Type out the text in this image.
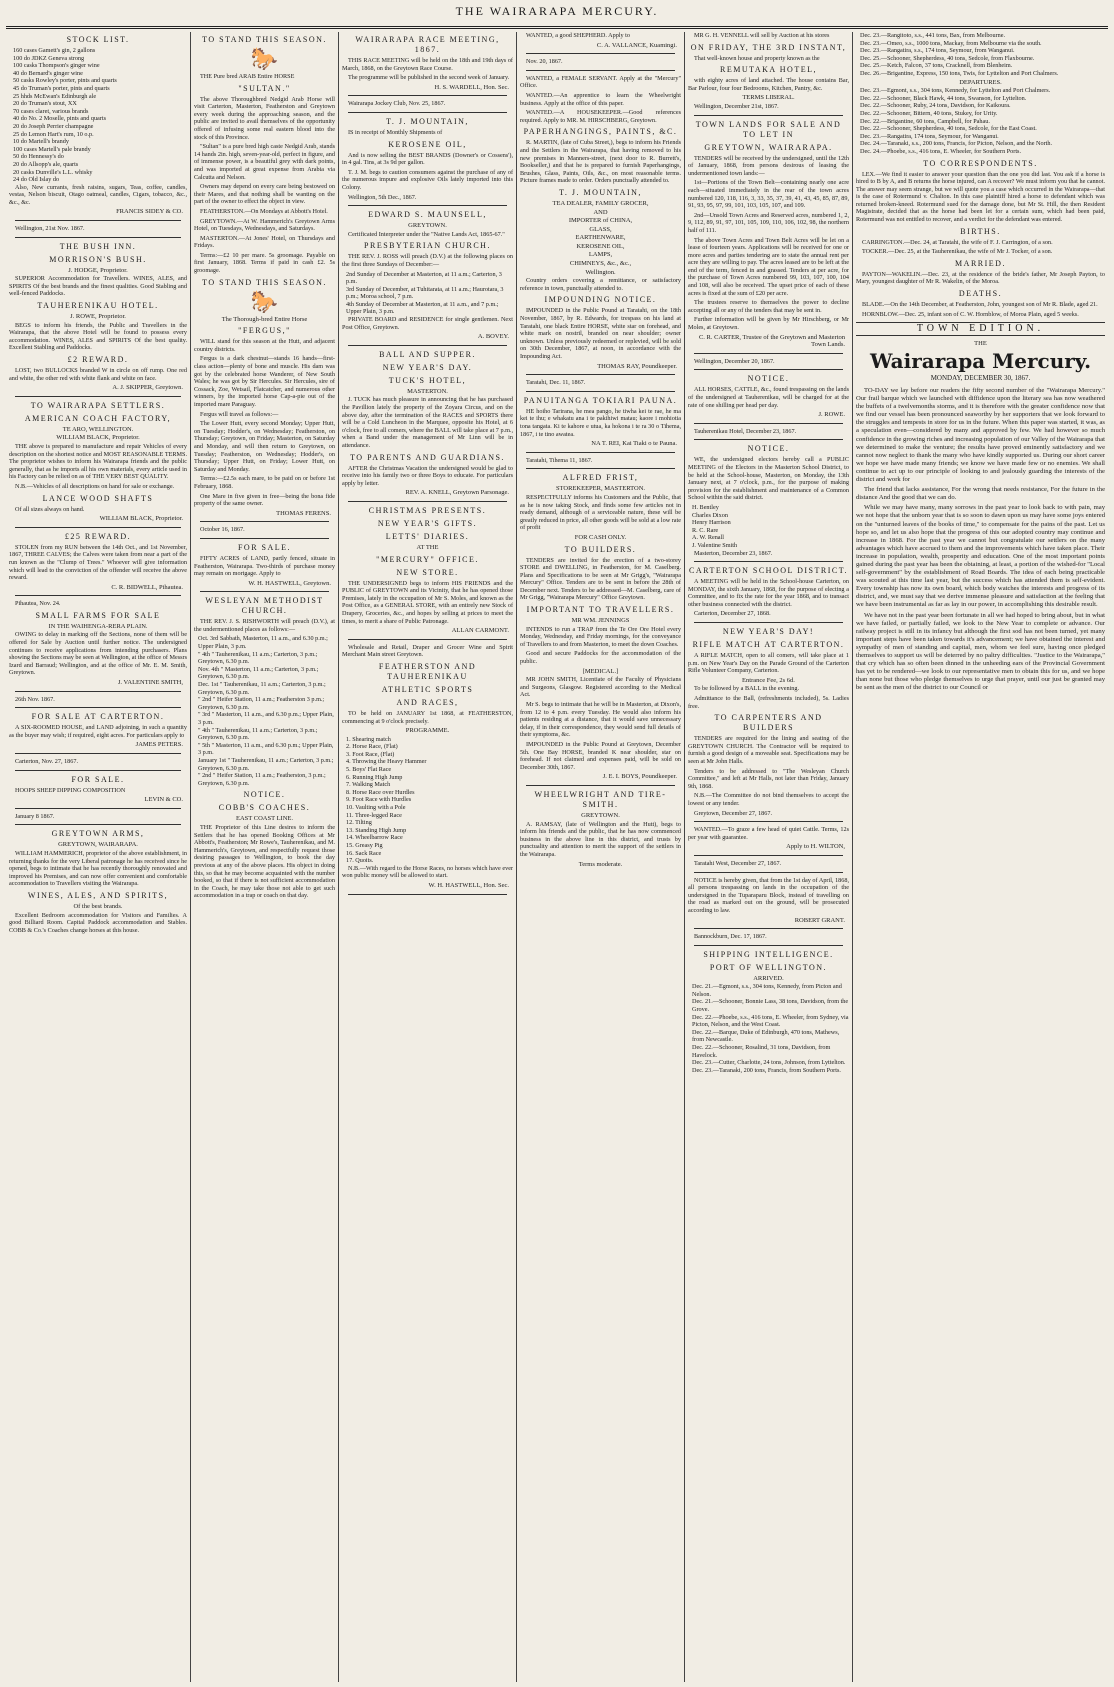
THE WAIRARAPA MERCURY.
STOCK LIST.
160 cases Gamett's gin, 2 gallons
100 do JDKZ Geneva strong
100 casks Thompson's ginger wine
40 do Bernard's ginger wine
50 casks Rowley's porter, pints and quarts
45 do Truman's porter, pints and quarts
25 hhds McEwan's Edinburgh ale
20 do Truman's stout, XX
70 cases claret, various brands
40 do No. 2 Moselle, pints and quarts
20 do Joseph Perrier champagne
25 do Lemon Hart's rum, 10 o.p.
10 do Martell's brandy
100 cases Martell's pale brandy
50 do Hennessy's do
20 do Allsopp's ale, quarts
20 casks Dunville's L.L. whisky
24 do Old Islay do
Also, New currants, fresh raisins, sugars, Teas, coffee, candles, vestas, Nelson biscuit, Otago oatmeal, candles, Cigars, tobacco, &c., &c., &c.
FRANCIS SIDEY & CO.
Wellington, 21st Nov. 1867.
THE BUSH INN.
MORRISON'S BUSH.
J. HODGE, Proprietor.
SUPERIOR Accommodation for Travellers. WINES, ALES, and SPIRITS Of the best brands and the finest qualities. Good Stabling and well-fenced Paddocks.
TAUHERENIKAU HOTEL.
J. ROWE, Proprietor.
BEGS to inform his friends, the Public and Travellers in the Wairarapa, that the above Hotel will be found to possess every accommodation. WINES, ALES and SPIRITS Of the best quality. Excellent Stabling and Paddocks.
£2 REWARD.
LOST, two BULLOCKS branded W in circle on off rump. One red and white, the other red with white flank and white on face.
A. J. SKIPPER, Greytown.
TO WAIRARAPA SETTLERS.
AMERICAN COACH FACTORY,
TE ARO, WELLINGTON.
WILLIAM BLACK, Proprietor.
THE above is prepared to manufacture and repair Vehicles of every description on the shortest notice and MOST REASONABLE TERMS. The proprietor wishes to inform his Wairarapa friends and the public generally, that as he imports all his own materials, every article used in his Factory can be relied on as of THE VERY BEST QUALITY.
N.B.—Vehicles of all descriptions on hand for sale or exchange.
LANCE WOOD SHAFTS
Of all sizes always on hand.
WILLIAM BLACK, Proprietor.
£25 REWARD.
STOLEN from my RUN between the 14th Oct., and 1st November, 1867, THREE CALVES; the Calves were taken from near a part of the run known as the "Clump of Trees." Whoever will give information which will lead to the conviction of the offender will receive the above reward.
C. R. BIDWELL, Pihautea.
Pihautea, Nov. 24.
SMALL FARMS FOR SALE
IN THE WAIHENGA-RERA PLAIN.
OWING to delay in marking off the Sections, none of them will be offered for Sale by Auction until further notice. The undersigned continues to receive applications from intending purchasers. Plans showing the Sections may be seen at Wellington, at the office of Messrs Izard and Barraud; Wellington, and at the office of Mr. E. M. Smith, Greytown.
J. VALENTINE SMITH,
26th Nov. 1867.
FOR SALE AT CARTERTON.
A SIX-ROOMED HOUSE, and LAND adjoining, in such a quantity as the buyer may wish; if required, eight acres. For particulars apply to
JAMES PETERS.
Carterton, Nov. 27, 1867.
FOR SALE.
HOOPS SHEEP DIPPING COMPOSITION
LEVIN & CO.
January 8 1867.
GREYTOWN ARMS,
GREYTOWN, WAIRARAPA.
WILLIAM HAMMERICH, proprietor of the above establishment, in returning thanks for the very Liberal patronage he has received since he opened, begs to intimate that he has recently thoroughly renovated and improved his Premises, and can now offer convenient and comfortable accommodation to Travellers visiting the Wairarapa.
WINES, ALES, AND SPIRITS,
Of the best brands.
Excellent Bedroom accommodation for Visitors and Families. A good Billiard Room. Capital Paddock accommodation and Stables. COBB & Co.'s Coaches change horses at this house.
TO STAND THIS SEASON.
🐎
THE Pure bred ARAB Entire HORSE
"SULTAN."
The above Thoroughbred Nedgid Arab Horse will visit Carterton, Masterton, Featherston and Greytown every week during the approaching season, and the public are invited to avail themselves of the opportunity offered of infusing some real eastern blood into the stock of this Province.
"Sultan" is a pure bred high caste Nedgid Arab, stands 14 hands 2in. high, seven-year-old, perfect in figure, and of immense power, is a beautiful grey with dark points, and was imported at great expense from Arabia via Calcutta and Nelson.
Owners may depend on every care being bestowed on their Mares, and that nothing shall be wanting on the part of the owner to effect the object in view.
FEATHERSTON.—On Mondays at Abbott's Hotel.
GREYTOWN.—At W. Hammerich's Greytown Arms Hotel, on Tuesdays, Wednesdays, and Saturdays.
MASTERTON.—At Jones' Hotel, on Thursdays and Fridays.
Terms:—£2 10 per mare. 5s groomage. Payable on first January, 1868. Terms if paid in cash £2. 5s groomage.
TO STAND THIS SEASON.
🐎
The Thorough-bred Entire Horse
"FERGUS,"
WILL stand for this season at the Hutt, and adjacent country districts.
Fergus is a dark chestnut—stands 16 hands—first-class action—plenty of bone and muscle. His dam was got by the celebrated horse Wanderer, of New South Wales; he was got by Sir Hercules. Sir Hercules, sire of Cossack, Zoe, Wetsail, Flatcatcher, and numerous other winners, by the imported horse Cap-a-pie out of the imported mare Paraguay.
Fergus will travel as follows:—
The Lower Hutt, every second Monday; Upper Hutt, on Tuesday; Hodder's, on Wednesday; Featherston, on Thursday; Greytown, on Friday; Masterton, on Saturday and Monday, and will then return to Greytown, on Tuesday; Featherston, on Wednesday; Hodder's, on Thursday; Upper Hutt, on Friday; Lower Hutt, on Saturday and Monday.
Terms:—£2.5s each mare, to be paid on or before 1st February, 1868.
One Mare in five given in free—being the bona fide property of the same owner.
THOMAS FERENS.
October 16, 1867.
FOR SALE.
FIFTY ACRES of LAND, partly fenced, situate in Featherston, Wairarapa. Two-thirds of purchase money may remain on mortgage. Apply to
W. H. HASTWELL, Greytown.
WESLEYAN METHODIST CHURCH.
THE REV. J. S. RISHWORTH will preach (D.V.), at the undermentioned places as follows:—
Oct. 3rd Sabbath, Masterton, 11 a.m., and 6.30 p.m.; Upper Plain, 3 p.m.
" 4th " Tauherenikau, 11 a.m.; Carterton, 3 p.m.; Greytown, 6.30 p.m.
Nov. 4th " Masterton, 11 a.m.; Carterton, 3 p.m.; Greytown, 6.30 p.m.
Dec. 1st " Tauherenikau, 11 a.m.; Carterton, 3 p.m.; Greytown, 6.30 p.m.
" 2nd " Heifer Station, 11 a.m.; Featherston 3 p.m.; Greytown, 6.30 p.m.
" 3rd " Masterton, 11 a.m., and 6.30 p.m.; Upper Plain, 3 p.m.
" 4th " Tauherenikau, 11 a.m.; Carterton, 3 p.m.; Greytown, 6.30 p.m.
" 5th " Masterton, 11 a.m., and 6.30 p.m.; Upper Plain, 3 p.m.
January 1st " Tauherenikau, 11 a.m.; Carterton, 3 p.m.; Greytown, 6.30 p.m.
" 2nd " Heifer Station, 11 a.m.; Featherston, 3 p.m.; Greytown, 6.30 p.m.
NOTICE.
COBB'S COACHES.
EAST COAST LINE.
THE Proprietor of this Line desires to inform the Settlers that he has opened Booking Offices at Mr Abbott's, Featherston; Mr Rowe's, Tauherenikau, and M. Hammerich's, Greytown, and respectfully request those desiring passages to Wellington, to book the day previous at any of the above places. His object in doing this, so that he may become acquainted with the number booked, so that if there is not sufficient accommodation in the Coach, he may take those not able to get such accommodation in a trap or coach on that day.
WAIRARAPA RACE MEETING, 1867.
THIS RACE MEETING will be held on the 18th and 19th days of March, 1868, on the Greytown Race Course.
The programme will be published in the second week of January.
H. S. WARDELL, Hon. Sec.
Wairarapa Jockey Club, Nov. 25, 1867.
T. J. MOUNTAIN,
IS in receipt of Monthly Shipments of
KEROSENE OIL,
And is now selling the BEST BRANDS (Downer's or Cossens'), in 4 gal. Tins, at 3s 9d per gallon.
T. J. M. begs to caution consumers against the purchase of any of the numerous impure and explosive Oils lately imported into this Colony.
Wellington, 5th Dec., 1867.
EDWARD S. MAUNSELL,
GREYTOWN.
Certificated Interpreter under the "Native Lands Act, 1865-67."
PRESBYTERIAN CHURCH.
THE REV. J. ROSS will preach (D.V.) at the following places on the first three Sundays of December:—
2nd Sunday of December at Masterton, at 11 a.m.; Carterton, 3 p.m.
3rd Sunday of December, at Tuhitarata, at 11 a.m.; Haurotara, 3 p.m.; Moroa school, 7 p.m.
4th Sunday of December at Masterton, at 11 a.m., and 7 p.m.; Upper Plain, 3 p.m.
PRIVATE BOARD and RESIDENCE for single gentlemen. Next Post Office, Greytown.
A. BOVEY.
BALL AND SUPPER.
NEW YEAR'S DAY.
TUCK'S HOTEL,
MASTERTON.
J. TUCK has much pleasure in announcing that he has purchased the Pavillion lately the property of the Zoyara Circus, and on the above day, after the termination of the RACES and SPORTS there will be a Cold Luncheon in the Marquee, opposite his Hotel, at 6 o'clock, free to all comers, where the BALL will take place at 7 p.m., when a Band under the management of Mr Linn will be in attendance.
TO PARENTS AND GUARDIANS.
AFTER the Christmas Vacation the undersigned would be glad to receive into his family two or three Boys to educate. For particulars apply by letter.
REV. A. KNELL, Greytown Parsonage.
CHRISTMAS PRESENTS.
NEW YEAR'S GIFTS.
LETTS' DIARIES.
AT THE
"MERCURY" OFFICE.
NEW STORE.
THE UNDERSIGNED begs to inform HIS FRIENDS and the PUBLIC of GREYTOWN and its Vicinity, that he has opened those Premises, lately in the occupation of Mr S. Moles, and known as the Post Office, as a GENERAL STORE, with an entirely new Stock of Drapery, Groceries, &c., and hopes by selling at prices to meet the times, to merit a share of Public Patronage.
ALLAN CARMONT.
Wholesale and Retail, Draper and Grocer Wine and Spirit Merchant Main street Greytown.
FEATHERSTON AND TAUHERENIKAU
ATHLETIC SPORTS
AND RACES,
TO be held on JANUARY 1st 1868, at FEATHERSTON, commencing at 9 o'clock precisely.
PROGRAMME.
1. Shearing match
2. Horse Race, (Flat)
3. Foot Race, (Flat)
4. Throwing the Heavy Hammer
5. Boys' Flat Race
6. Running High Jump
7. Walking Match
8. Horse Race over Hurdles
9. Foot Race with Hurdles
10. Vaulting with a Pole
11. Three-legged Race
12. Tilting
13. Standing High Jump
14. Wheelbarrow Race
15. Greasy Pig
16. Sack Race
17. Quoits.
N.B.—With regard to the Horse Races, no horses which have ever won public money will be allowed to start.
W. H. HASTWELL, Hon. Sec.
WANTED, a good SHEPHERD. Apply to
C. A. VALLANCE, Kuamingi.
Nov. 20, 1867.
WANTED, a FEMALE SERVANT. Apply at the "Mercury" Office.
WANTED.—An apprentice to learn the Wheelwright business. Apply at the office of this paper.
WANTED.—A HOUSEKEEPER.—Good references required. Apply to MR. M. HIRSCHBERG, Greytown.
PAPERHANGINGS, PAINTS, &C.
R. MARTIN, (late of Cuba Street,), begs to inform his Friends and the Settlers in the Wairarapa, that having removed to his new premises in Manners-street, (next door to R. Burrett's, Bookseller,) and that he is prepared to furnish Paperhangings, Brushes, Glass, Paints, Oils, &c., on most reasonable terms. Picture frames made to order. Orders punctually attended to.
T. J. MOUNTAIN,
TEA DEALER, FAMILY GROCER,
AND
IMPORTER of CHINA,
GLASS,
EARTHENWARE,
KEROSENE OIL,
LAMPS,
CHIMNEYS, &c., &c.,
Wellington.
Country orders covering a remittance, or satisfactory reference in town, punctually attended to.
IMPOUNDING NOTICE.
IMPOUNDED in the Public Pound at Taratahi, on the 18th November, 1867, by R. Edwards, for trespass on his land at Taratahi, one black Entire HORSE, white star on forehead, and white mark on nostril, branded on near shoulder; owner unknown. Unless previously redeemed or replevied, will be sold on 30th December, 1867, at noon, in accordance with the Impounding Act.
THOMAS RAY, Poundkeeper.
Taratahi, Dec. 11, 1867.
PANUITANGA TOKIARI PAUNA.
HE hoiho Tarirana, he mea pango, he tiwha kei te rae, he ma kei te ihu; e whakatu ana i te pakihiwi matau; kaore i mohiotia tona tangata. Ki te kahore e utua, ka hokona i te ra 30 o Tihema, 1867, i te tino awatea.
NA T. REI, Kai Tiaki o te Pauna.
Taratahi, Tihema 11, 1867.
ALFRED FRIST,
STOREKEEPER, MASTERTON.
RESPECTFULLY informs his Customers and the Public, that as he is now taking Stock, and finds some few articles not in ready demand, although of a serviceable nature, these will be greatly reduced in price, all other goods will be sold at a low rate of profit
FOR CASH ONLY.
TO BUILDERS.
TENDERS are invited for the erection of a two-storey STORE and DWELLING, in Featherston, for M. Caselberg. Plans and Specifications to be seen at Mr Grigg's, "Wairarapa Mercury" Office. Tenders are to be sent in before the 28th of December next. Tenders to be addressed—M. Caselberg, care of Mr Grigg, "Wairarapa Mercury" Office Greytown.
IMPORTANT TO TRAVELLERS.
MR WM. JENNINGS
INTENDS to run a TRAP from the Te Ore Ore Hotel every Monday, Wednesday, and Friday mornings, for the conveyance of Travellers to and from Masterton, to meet the down Coaches.
Good and secure Paddocks for the accommodation of the public.
[MEDICAL.]
MR JOHN SMITH, Licentiate of the Faculty of Physicians and Surgeons, Glasgow. Registered according to the Medical Act.
Mr S. begs to intimate that he will be in Masterton, at Dixon's, from 12 to 4 p.m. every Tuesday. He would also inform his patients residing at a distance, that it would save unnecessary delay, if in their correspondence, they would send full details of their symptoms, &c.
IMPOUNDED in the Public Pound at Greytown, December 5th. One Bay HORSE, branded K near shoulder, star on forehead. If not claimed and expenses paid, will be sold on December 30th, 1867.
J. E. I. BOYS, Poundkeeper.
WHEELWRIGHT AND TIRE-SMITH.
GREYTOWN.
A. RAMSAY, (late of Wellington and the Hutt), begs to inform his friends and the public, that he has now commenced business in the above line in this district, and trusts by punctuality and attention to merit the support of the settlers in the Wairarapa.
Terms moderate.
MR G. H. VENNELL will sell by Auction at his stores
ON FRIDAY, THE 3RD INSTANT,
That well-known house and property known as the
REMUTAKA HOTEL,
with eighty acres of land attached. The house contains Bar, Bar Parlour, four four Bedrooms, Kitchen, Pantry, &c.
TERMS LIBERAL.
Wellington, December 21st, 1867.
TOWN LANDS FOR SALE AND TO LET IN
GREYTOWN, WAIRARAPA.
TENDERS will be received by the undersigned, until the 12th of January, 1868, from persons desirous of leasing the undermentioned town lands:—
1st—Portions of the Town Belt—containing nearly one acre each—situated immediately in the rear of the town acres numbered 120, 118, 116, 3, 33, 35, 37, 39, 41, 43, 45, 85, 87, 89, 91, 93, 95, 97, 99, 101, 103, 105, 107, and 109.
2nd—Unsold Town Acres and Reserved acres, numbered 1, 2, 9, 112, 89, 91, 97, 101, 105, 109, 110, 106, 102, 98, the northern half of 111.
The above Town Acres and Town Belt Acres will be let on a lease of fourteen years. Applications will be received for one or more acres and parties tendering are to state the annual rent per acre they are willing to pay. The acres leased are to be left at the end of the term, fenced in and grassed. Tenders at per acre, for the purchase of Town Acres numbered 99, 103, 107, 100, 104 and 108, will also be received. The upset price of each of these acres is fixed at the sum of £20 per acre.
The trustees reserve to themselves the power to decline accepting all or any of the tenders that may be sent in.
Further information will be given by Mr Hirschberg, or Mr Moles, at Greytown.
C. R. CARTER, Trustee of the Greytown and Masterton Town Lands.
Wellington, December 20, 1867.
NOTICE.
ALL HORSES, CATTLE, &c., found trespassing on the lands of the undersigned at Tauherenikau, will be charged for at the rate of one shilling per head per day.
J. ROWE.
Tauherenikau Hotel, December 23, 1867.
NOTICE.
WE, the undersigned electors hereby call a PUBLIC MEETING of the Electors in the Masterton School District, to be held at the School-house, Masterton, on Monday, the 13th January next, at 7 o'clock, p.m., for the purpose of making provision for the establishment and maintenance of a Common School within the said district.
H. Bentley
Charles Dixon
Henry Harrison
R. C. Rare
A. W. Renall
J. Valentine Smith
Masterton, December 23, 1867.
CARTERTON SCHOOL DISTRICT.
A MEETING will be held in the School-house Carterton, on MONDAY, the sixth January, 1868, for the purpose of electing a Committee, and to fix the rate for the year 1868, and to transact other business connected with the district.
Carterton, December 27, 1868.
NEW YEAR'S DAY!
RIFLE MATCH AT CARTERTON.
A RIFLE MATCH, open to all comers, will take place at 1 p.m. on New Year's Day on the Parade Ground of the Carterton Rifle Volunteer Company, Carterton.
Entrance Fee, 2s 6d.
To be followed by a BALL in the evening.
Admittance to the Ball, (refreshments included), 5s. Ladies free.
TO CARPENTERS AND BUILDERS
TENDERS are required for the lining and seating of the GREYTOWN CHURCH. The Contractor will be required to furnish a good design of a moveable seat. Specifications may be seen at Mr John Halls.
Tenders to be addressed to "The Wesleyan Church Committee," and left at Mr Halls, not later than Friday, January 9th, 1868.
N.B.—The Committee do not bind themselves to accept the lowest or any tender.
Greytown, December 27, 1867.
WANTED.—To graze a few head of quiet Cattle. Terms, 12s per year with guarantee.
Apply to H. WILTON,
Taratahi West, December 27, 1867.
NOTICE is hereby given, that from the 1st day of April, 1868, all persons trespassing on lands in the occupation of the undersigned in the Tuparaparu Block, instead of travelling on the road as marked out on the ground, will be prosecuted according to law.
ROBERT GRANT.
Bannockburn, Dec. 17, 1867.
SHIPPING INTELLIGENCE.
PORT OF WELLINGTON.
ARRIVED.
Dec. 21.—Egmont, s.s., 304 tons, Kennedy, from Picton and Nelson.
Dec. 21.—Schooner, Bonnie Lass, 38 tons, Davidson, from the Grove.
Dec. 22.—Phoebe, s.s., 416 tons, E. Wheeler, from Sydney, via Picton, Nelson, and the West Coast.
Dec. 22.—Barque, Duke of Edinburgh, 470 tons, Mathews, from Newcastle.
Dec. 22.—Schooner, Rosalind, 31 tons, Davidson, from Havelock.
Dec. 23.—Cutter, Charlotte, 24 tons, Johnson, from Lyttelton.
Dec. 23.—Taranaki, 200 tons, Francis, from Southern Ports.
Dec. 23.—Rangitoto, s.s., 441 tons, Bax, from Melbourne.
Dec. 23.—Omeo, s.s., 1000 tons, Mackay, from Melbourne via the south.
Dec. 23.—Rangatira, s.s., 174 tons, Seymour, from Wanganui.
Dec. 25.—Schooner, Shepherdess, 40 tons, Sedcole, from Flaxbourne.
Dec. 25.—Ketch, Falcon, 37 tons, Cracknell, from Blenheim.
Dec. 26.—Brigantine, Express, 150 tons, Twis, for Lyttelton and Port Chalmers.
DEPARTURES.
Dec. 23.—Egmont, s.s., 304 tons, Kennedy, for Lyttelton and Port Chalmers.
Dec. 22.—Schooner, Black Hawk, 44 tons, Swanson, for Lyttelton.
Dec. 22.—Schooner, Ruby, 24 tons, Davidson, for Kaikoura.
Dec. 22.—Schooner, Bittern, 40 tons, Stukey, for Urity.
Dec. 22.—Brigantine, 60 tons, Campbell, for Pahau.
Dec. 22.—Schooner, Shepherdess, 40 tons, Sedcole, for the East Coast.
Dec. 23.—Rangatira, 174 tons, Seymour, for Wanganui.
Dec. 24.—Taranaki, s.s., 200 tons, Francis, for Picton, Nelson, and the North.
Dec. 24.—Phoebe, s.s., 416 tons, E. Wheeler, for Southern Ports.
TO CORRESPONDENTS.
LEX.—We find it easier to answer your question than the one you did last. You ask if a horse is hired to B by A, and B returns the horse injured, can A recover? We must inform you that he cannot. The answer may seem strange, but we will quote you a case which occurred in the Wairarapa—that is the case of Rotermund v. Chalton. In this case plaintiff hired a horse to defendant which was returned broken-kneed. Rotermund sued for the damage done, but Mr St. Hill, the then Resident Magistrate, decided that as the horse had been let for a certain sum, which had been paid, Rotermund was not entitled to recover, and a verdict for the defendant was entered.
BIRTHS.
CARRINGTON.—Dec. 24, at Taratahi, the wife of F. J. Carrington, of a son.
TOCKER.—Dec. 25, at the Tauherenikau, the wife of Mr J. Tocker, of a son.
MARRIED.
PAYTON—WAKELIN.—Dec. 23, at the residence of the bride's father, Mr Joseph Payton, to Mary, youngest daughter of Mr R. Wakelin, of the Moroa.
DEATHS.
BLADE.—On the 14th December, at Featherston, John, youngest son of Mr R. Blade, aged 21.
HORNBLOW.—Dec. 25, infant son of C. W. Hornblow, of Moroa Plain, aged 5 weeks.
TOWN EDITION.
THE
Wairarapa Mercury.
MONDAY, DECEMBER 30, 1867.
TO-DAY we lay before our readers the fifty second number of the "Wairarapa Mercury." Our frail barque which we launched with diffidence upon the literary sea has now weathered the buffets of a twelvemonths storms, and it is therefore with the greater confidence now that we find our vessel has been pronounced seaworthy by her supporters that we look forward to the struggles and tempests in store for us in the future. When this paper was started, it was, as a speculation even—considered by many and approved by few. We had however so much confidence in the growing riches and increasing population of our Valley of the Wairarapa that we determined to make the venture; the results have proved eminently satisfactory and we cannot now neglect to thank the many who have kindly supported us. During our short career we hope we have made many friends; we know we have made few or no enemies. We shall continue to act up to our principle of looking to and jealously guarding the interests of the district and work for
The friend that lacks assistance, For the wrong that needs resistance, For the future in the distance And the good that we can do.
While we may have many, many sorrows in the past year to look back to with pain, may we not hope that the unborn year that is so soon to dawn upon us may have some joys entered on the "unturned leaves of the books of time," to compensate for the pains of the past. Let us hope so, and let us also hope that the progress of this our adopted country may continue and increase in 1868. For the past year we cannot but congratulate our settlers on the many advantages which have accrued to them and the improvements which have taken place. Their increase in population, wealth, prosperity and education. One of the most important points gained during the past year has been the obtaining, at least, a portion of the wished-for "Local self-government" by the establishment of Road Boards. The idea of each being practicable was scouted at this time last year, but the success which has attended them is self-evident. Every township has now its own board, which body watches the interests and progress of its district, and, we must say that we derive immense pleasure and satisfaction at the feeling that we have been instrumental as far as lay in our power, in accomplishing this desirable result.
We have not in the past year been fortunate in all we had hoped to bring about, but in what we have failed, or partially failed, we look to the New Year to complete or advance. Our railway project is still in its infancy but although the first sod has not been turned, yet many important steps have been taken towards it's advancement; we have obtained the interest and sympathy of men of standing and capital, men, whom we feel sure, having once pledged themselves to support us will be deterred by no paltry difficulties. "Justice to the Wairarapa," that cry which has so often been dinned in the unheeding ears of the Provincial Government has yet to be rendered—we look to our representative men to obtain this for us, and we hope than none but those who pledge themselves to urge that prayer, until our just be granted may be sent as the men of the district to our Council or
